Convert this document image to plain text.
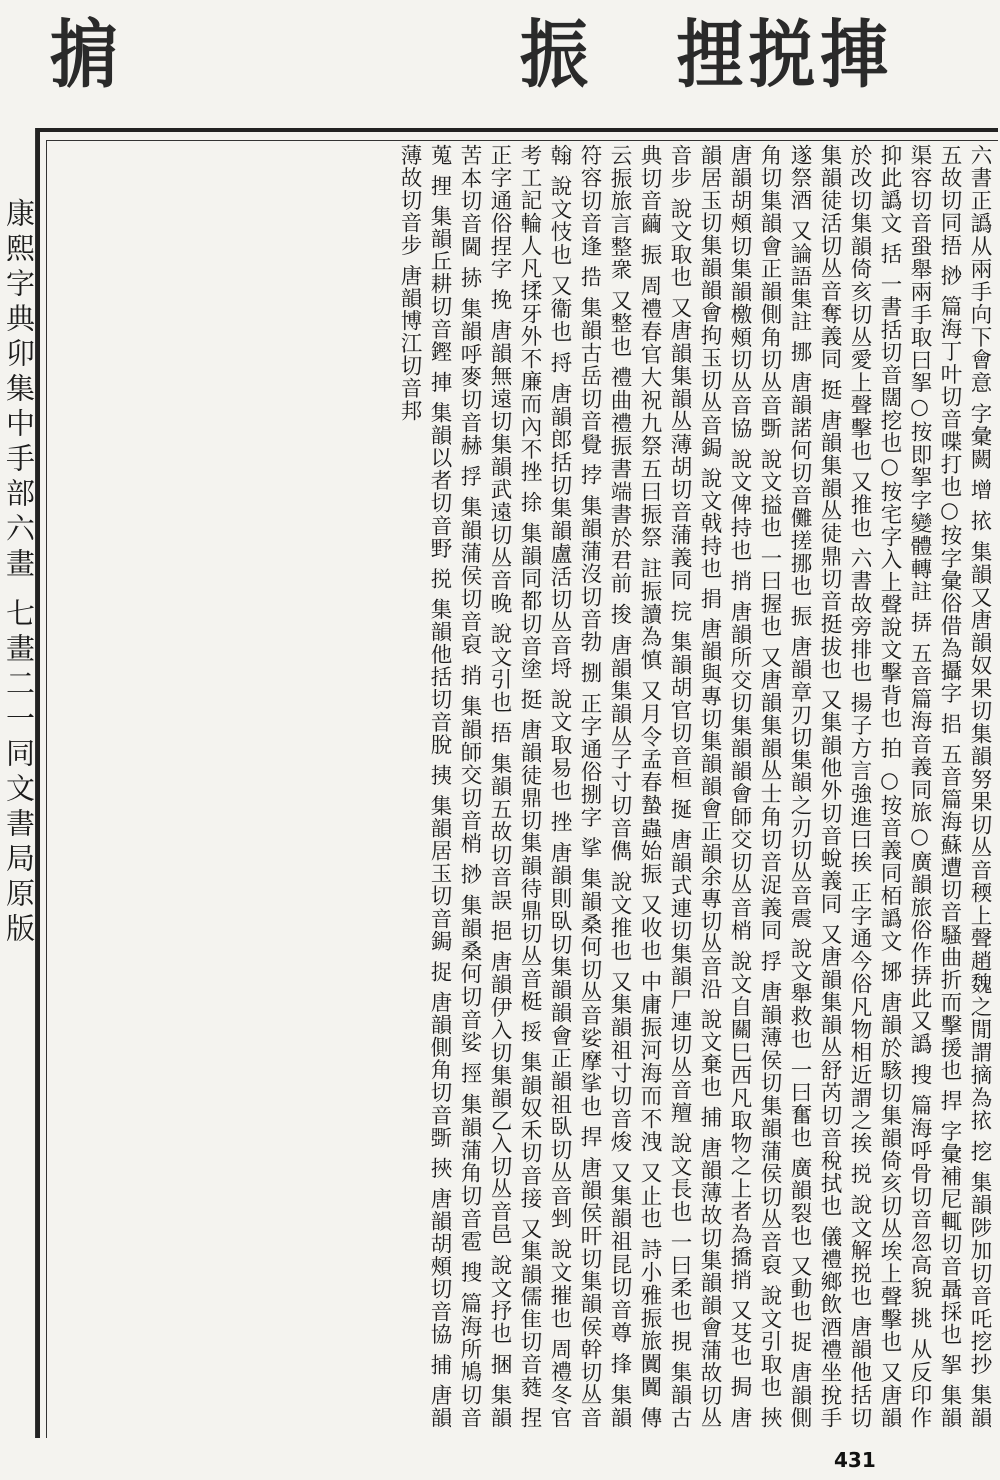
掮	振 捚捝捙
康熙字典卯集中手部六畫 七畫二一同文書局原版	六書正譌从兩手向下會意 字彙闕 增 挔 集韻又唐韻奴果切集韻努果切丛音稬上聲趙魏之閒謂摘為挔 挖 集韻陟加切音吒挖抄 集韻五故切同捂 挱 篇海丁叶切音喋打也○按字彙俗借為攝字 捛 五音篇海蘇遭切音騷曲折而擊援也 捍 字彙補尼輒切音聶採也

挐 集韻渠容切音蛩舉兩手取曰挐○按即挐字變體轉註 挵 五音篇海音義同旅○廣韻旅俗作挵此又譌 搜 篇海呼骨切音忽高貌 挑 从反印作抑此譌文 括 一書括切音闊挖也○按宅字入上聲說文擊背也 拍 ○按音義同栢譌文

捓 唐韻於駭切集韻倚亥切丛埃上聲擊也 又唐韻於改切集韻倚亥切丛愛上聲擊也 又推也 六書故旁排也 揚子方言強進曰挨 正字通今俗凡物相近謂之挨 捝 說文解捝也 唐韻他括切集韻徒活切丛音奪義同

挺 唐韻集韻丛徒鼎切音挺拔也 又集韻他外切音蛻義同 又唐韻集韻丛舒芮切音稅拭也 儀禮鄉飲酒禮坐挩手遂祭酒 又論語集註 挪 唐韻諾何切音儺搓挪也 振 唐韻章刃切集韻之刃切丛音震 說文舉救也 一曰奮也 廣韻裂也 又動也

捉 唐韻側角切集韻會正韻側角切丛音斲 說文搤也 一曰握也 又唐韻集韻丛士角切音浞義同 捊 唐韻薄侯切集韻蒲侯切丛音裒 說文引取也 挾 唐韻胡頰切集韻檄頰切丛音協 說文俾持也

捎 唐韻所交切集韻韻會師交切丛音梢 說文自關巳西凡取物之上者為撟捎 又芟也 挶 唐韻居玉切集韻韻會拘玉切丛音鋦 說文戟持也 捐 唐韻與專切集韻韻會正韻余專切丛音沿 說文棄也

捕 唐韻薄故切集韻韻會蒲故切丛音步 說文取也 又唐韻集韻丛薄胡切音蒲義同 捖 集韻胡官切音桓 挻 唐韻式連切集韻尸連切丛音羶 說文長也 一曰柔也 挸 集韻古典切音繭

振 周禮春官大祝九祭五曰振祭 註振讀為慎 又月令孟春蟄蟲始振 又收也 中庸振河海而不洩 又止也 詩小雅振旅闐闐 傳云振旅言整衆 又整也 禮曲禮振書端書於君前

捘 唐韻集韻丛子寸切音儁 說文推也 又集韻祖寸切音焌 又集韻祖昆切音尊 捀 集韻符容切音逢 捁 集韻古岳切音覺 挬 集韻蒲沒切音勃 捌 正字通俗捌字 挲 集韻桑何切丛音娑摩挲也

捍 唐韻侯旰切集韻侯幹切丛音翰 說文忮也 又衞也 捋 唐韻郎括切集韻盧活切丛音埒 說文取易也 挫 唐韻則臥切集韻韻會正韻祖臥切丛音剉 說文摧也 周禮冬官考工記輪人凡揉牙外不廉而內不挫

捈 集韻同都切音塗 挺 唐韻徒鼎切集韻待鼎切丛音梃 挼 集韻奴禾切音接 又集韻儒隹切音蕤 捏 正字通俗捏字 挽 唐韻無遠切集韻武遠切丛音晚 說文引也 捂 集韻五故切音誤

挹 唐韻伊入切集韻乙入切丛音邑 說文抒也 捆 集韻苦本切音閫 捇 集韻呼麥切音赫 捊 集韻蒲侯切音裒 捎 集韻師交切音梢 挱 集韻桑何切音娑 挳 集韻蒲角切音雹

搜 篇海所鳩切音蒐 捚 集韻丘耕切音鏗 捙 集韻以者切音野 捝 集韻他括切音脫 挗 集韻居玉切音鋦 捉 唐韻側角切音斲 挾 唐韻胡頰切音協 捕 唐韻薄故切音步 唐韻博江切音邦

431
